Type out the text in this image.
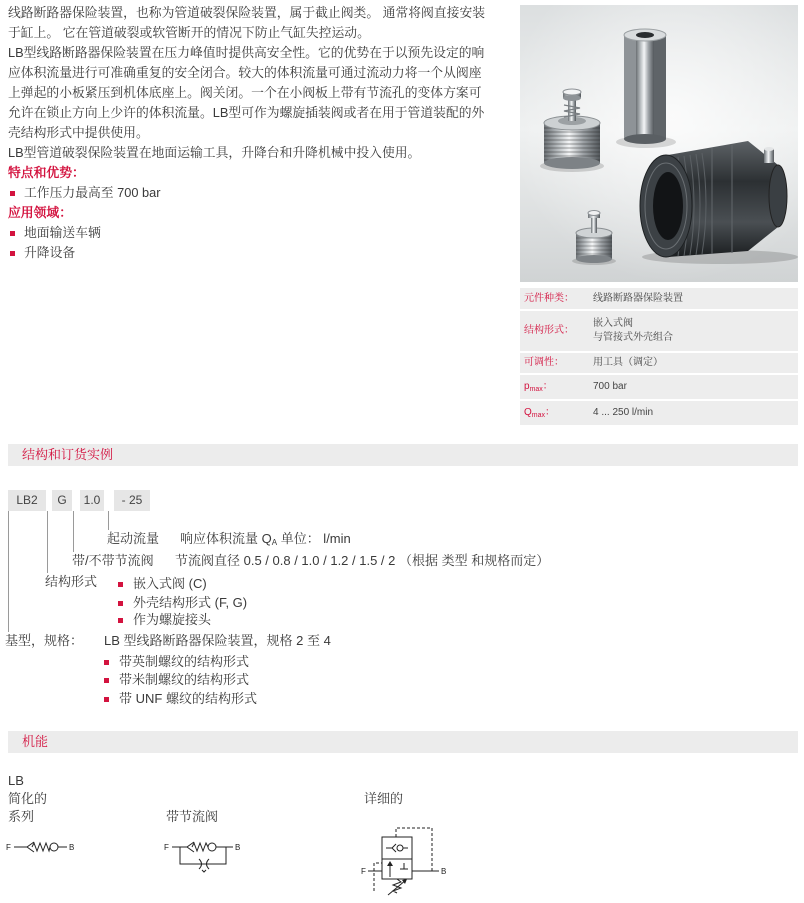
线路断路器保险装置，也称为管道破裂保险装置，属于截止阀类。 通常将阀直接安装
于缸上。 它在管道破裂或软管断开的情况下防止气缸失控运动。
LB型线路断路器保险装置在压力峰值时提供高安全性。它的优势在于以预先设定的响
应体积流量进行可准确重复的安全闭合。较大的体积流量可通过流动力将一个从阀座
上弹起的小板紧压到机体底座上。阀关闭。一个在小阀板上带有节流孔的变体方案可
允许在锁止方向上少许的体积流量。LB型可作为螺旋插装阀或者在用于管道装配的外
壳结构形式中提供使用。
LB型管道破裂保险装置在地面运输工具，升降台和升降机械中投入使用。
特点和优势：
工作压力最高至 700 bar
应用领域：
地面输送车辆
升降设备
元件种类：	线路断路器保险装置
结构形式：
嵌入式阀
与管接式外壳组合
可调性：	用工具（调定）
$p_{max}$：	700 bar
$Q_{max}$：	4 ... 250 l/min
结构和订货实例
LB2	G	1.0	- 25
起动流量 响应体积流量 $Q_A$ 单位： l/min
带/不带节流阀 节流阀直径 0.5 / 0.8 / 1.0 / 1.2 / 1.5 / 2 （根据 类型 和规格而定）
结构形式	嵌入式阀 (C)
外壳结构形式 (F, G)
作为螺旋接头
基型，规格： LB 型线路断路器保险装置，规格 2 至 4
带英制螺纹的结构形式
带米制螺纹的结构形式
带 UNF 螺纹的结构形式
机能
LB
简化的
系列	带节流阀
详细的
F	B	F	B
F	B
